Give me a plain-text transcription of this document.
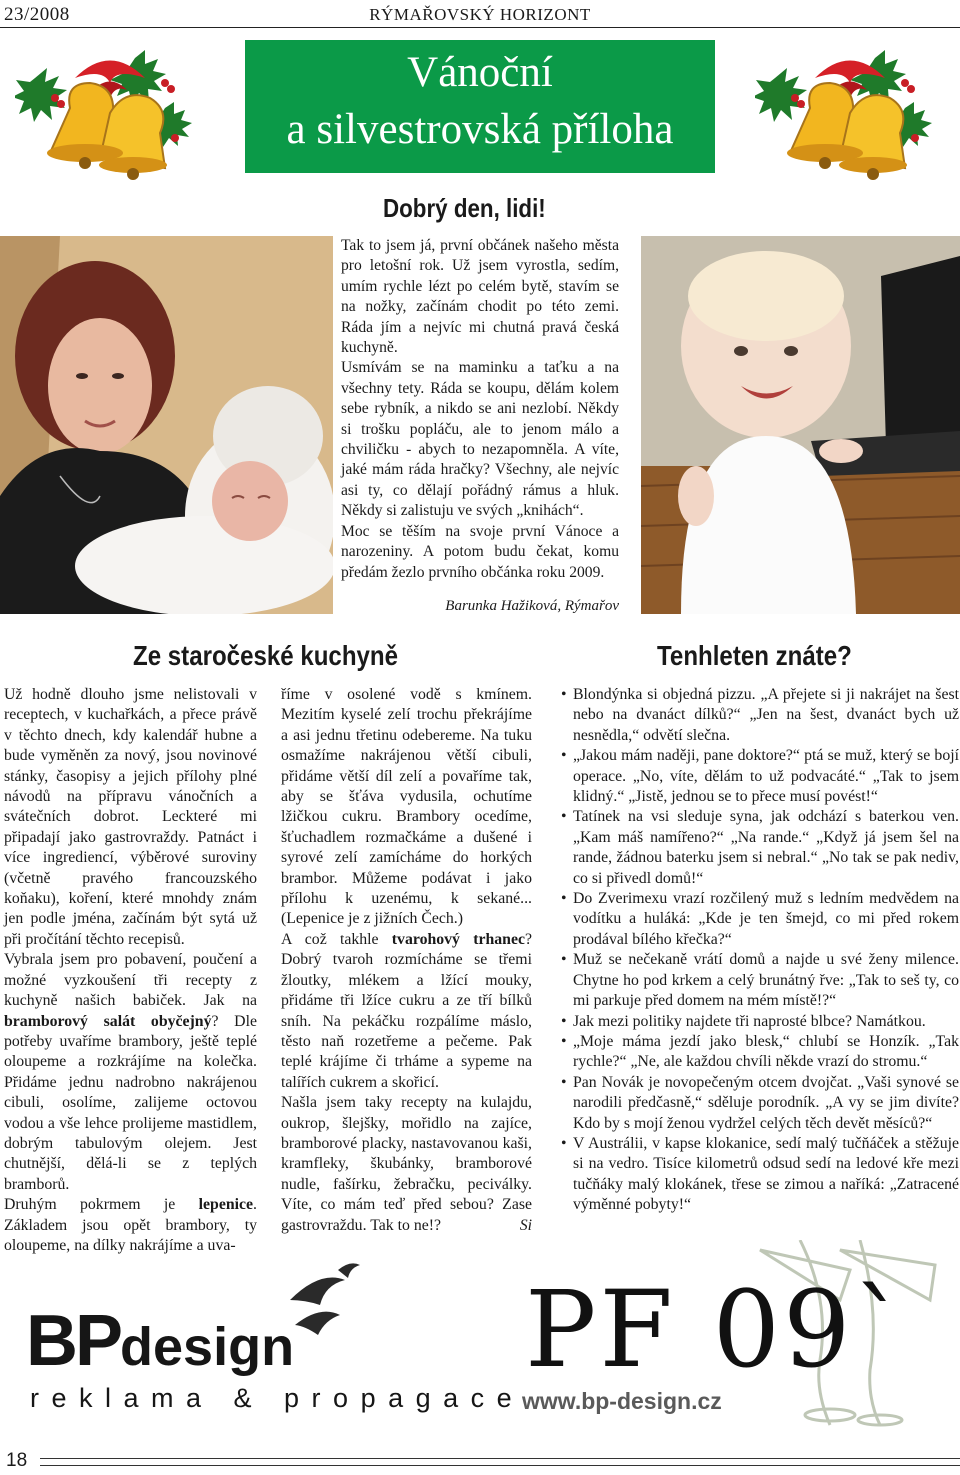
23/2008	RÝMAŘOVSKÝ HORIZONT
Vánoční
a silvestrovská příloha
Dobrý den, lidi!

Tak to jsem já, první občánek našeho města pro letošní rok. Už jsem vyrostla, sedím, umím rychle lézt po celém bytě, stavím se na nožky, začínám chodit po této zemi. Ráda jím a nejvíc mi chutná pravá česká kuchyně.

Usmívám se na maminku a taťku a na všechny tety. Ráda se koupu, dělám kolem sebe rybník, a nikdo se ani nezlobí. Někdy si trošku popláču, ale to jenom málo a chviličku - abych to nezapomněla. A víte, jaké mám ráda hračky? Všechny, ale nejvíc asi ty, co dělají pořádný rámus a hluk. Někdy si zalistuju ve svých „knihách“.

Moc se těším na svoje první Vánoce a narozeniny. A potom budu čekat, komu předám žezlo prvního občánka roku 2009.

Barunka Hažiková, Rýmařov
Ze staročeské kuchyně	Tenhleten znáte?

Už hodně dlouho jsme nelistovali v receptech, v kuchařkách, a přece právě v těchto dnech, kdy kalendář hubne a bude vyměněn za nový, jsou novinové stánky, časopisy a jejich přílohy plné návodů na přípravu vánočních a svátečních dobrot. Leckteré mi připadají jako gastrovraždy. Patnáct i více ingrediencí, výběrové suroviny (včetně pravého francouzského koňaku), koření, které mnohdy znám jen podle jména, začínám být sytá už při pročítání těchto recepisů.

Vybrala jsem pro pobavení, poučení a možné vyzkoušení tři recepty z kuchyně našich babiček. Jak na bramborový salát obyčejný? Dle potřeby uvaříme brambory, ještě teplé oloupeme a rozkrájíme na kolečka. Přidáme jednu nadrobno nakrájenou cibuli, osolíme, zalijeme octovou vodou a vše lehce prolijeme mastidlem, dobrým tabulovým olejem. Jest chutnější, dělá-li se z teplých bramborů.

Druhým pokrmem je lepenice. Základem jsou opět brambory, ty oloupeme, na dílky nakrájíme a uva-

říme v osolené vodě s kmínem. Mezitím kyselé zelí trochu překrájíme a asi jednu třetinu odebereme. Na tuku osmažíme nakrájenou větší cibuli, přidáme větší díl zelí a povaříme tak, aby se šťáva vydusila, ochutíme lžičkou cukru. Brambory ocedíme, šťuchadlem rozmačkáme a dušené i syrové zelí zamícháme do horkých brambor. Můžeme podávat i jako přílohu k uzenému, k sekané... (Lepenice je z jižních Čech.)

A což takhle tvarohový trhanec? Dobrý tvaroh rozmícháme se třemi žloutky, mlékem a lžící mouky, přidáme tři lžíce cukru a ze tří bílků sníh. Na pekáčku rozpálíme máslo, těsto naň rozetřeme a pečeme. Pak teplé krájíme či trháme a sypeme na talířích cukrem a skořicí.

Našla jsem taky recepty na kulajdu, oukrop, šlejšky, mořidlo na zajíce, bramborové placky, nastavovanou kaši, kramfleky, škubánky, bramborové nudle, fašírku, žebračku, peciválky. Víte, co mám teď před sebou? Zase gastrovraždu. Tak to ne!?	Si

• Blondýnka si objedná pizzu. „A přejete si ji nakrájet na šest nebo na dvanáct dílků?“ „Jen na šest, dvanáct bych už nesnědla,“ odvětí slečna.
• „Jakou mám naději, pane doktore?“ ptá se muž, který se bojí operace. „No, víte, dělám to už podvacáté.“ „Tak to jsem klidný.“ „Jistě, jednou se to přece musí povést!“
• Tatínek na vsi sleduje syna, jak odchází s baterkou ven. „Kam máš namířeno?“ „Na rande.“ „Když já jsem šel na rande, žádnou baterku jsem si nebral.“ „No tak se pak nediv, co si přivedl domů!“
• Do Zverimexu vrazí rozčilený muž s ledním medvědem na vodítku a huláká: „Kde je ten šmejd, co mi před rokem prodával bílého křečka?“
• Muž se nečekaně vrátí domů a najde u své ženy milence. Chytne ho pod krkem a celý brunátný řve: „Tak to seš ty, co mi parkuje před domem na mém místě!?“
• Jak mezi politiky najdete tři naprosté blbce? Namátkou.
• „Moje máma jezdí jako blesk,“ chlubí se Honzík. „Tak rychle?“ „Ne, ale každou chvíli někde vrazí do stromu.“
• Pan Novák je novopečeným otcem dvojčat. „Vaši synové se narodili předčasně,“ sděluje porodník. „A vy se jim divíte? Kdo by s mojí ženou vydržel celých těch devět měsíců?“
• V Austrálii, v kapse klokanice, sedí malý tučňáček a stěžuje si na vedro. Tisíce kilometrů odsud sedí na ledové kře mezi tučňáky malý klokánek, třese se zimou a naříká: „Zatracené výměnné pobyty!“
BPdesign
reklama & propagace
PF 09`
www.bp-design.cz
18
